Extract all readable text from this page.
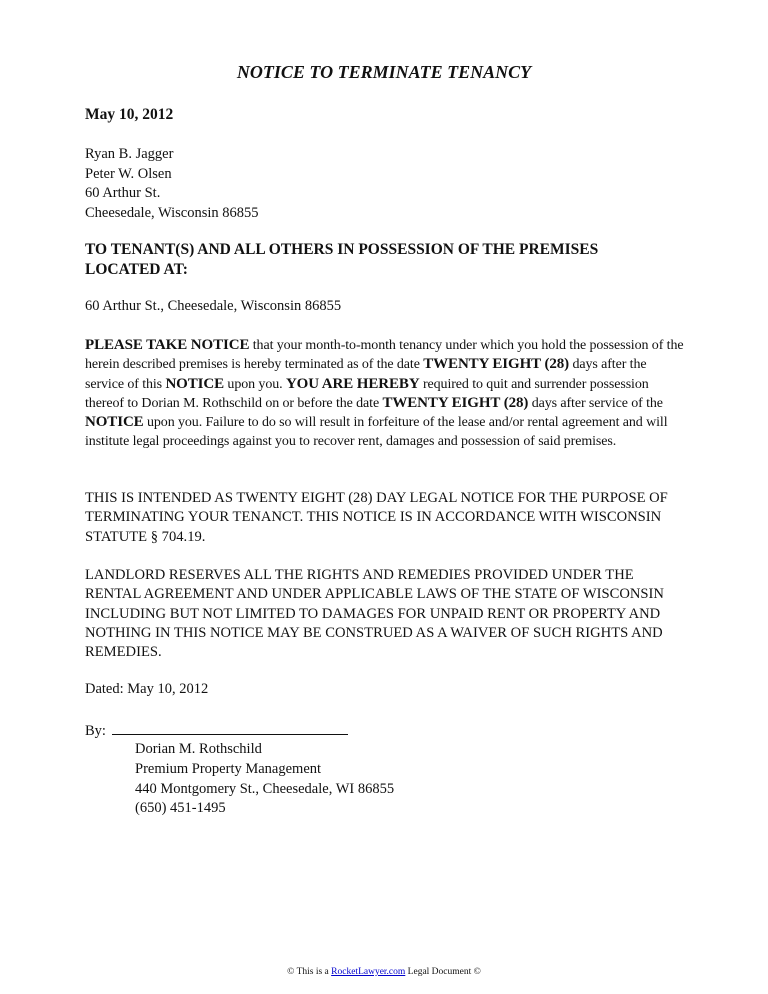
NOTICE TO TERMINATE TENANCY
May 10, 2012
Ryan B. Jagger
Peter W. Olsen
60 Arthur St.
Cheesedale, Wisconsin 86855
TO TENANT(S) AND ALL OTHERS IN POSSESSION OF THE PREMISES
LOCATED AT:
60 Arthur St., Cheesedale, Wisconsin 86855
PLEASE TAKE NOTICE that your month-to-month tenancy under which you hold the possession of the herein described premises is hereby terminated as of the date TWENTY EIGHT (28) days after the service of this NOTICE upon you. YOU ARE HEREBY required to quit and surrender possession thereof to Dorian M. Rothschild on or before the date TWENTY EIGHT (28) days after service of the NOTICE upon you. Failure to do so will result in forfeiture of the lease and/or rental agreement and will institute legal proceedings against you to recover rent, damages and possession of said premises.
THIS IS INTENDED AS TWENTY EIGHT (28) DAY LEGAL NOTICE FOR THE PURPOSE OF TERMINATING YOUR TENANCT. THIS NOTICE IS IN ACCORDANCE WITH WISCONSIN STATUTE § 704.19.
LANDLORD RESERVES ALL THE RIGHTS AND REMEDIES PROVIDED UNDER THE RENTAL AGREEMENT AND UNDER APPLICABLE LAWS OF THE STATE OF WISCONSIN INCLUDING BUT NOT LIMITED TO DAMAGES FOR UNPAID RENT OR PROPERTY AND NOTHING IN THIS NOTICE MAY BE CONSTRUED AS A WAIVER OF SUCH RIGHTS AND REMEDIES.
Dated: May 10, 2012
By:
Dorian M. Rothschild
Premium Property Management
440 Montgomery St., Cheesedale, WI 86855
(650) 451-1495
© This is a RocketLawyer.com Legal Document ©
